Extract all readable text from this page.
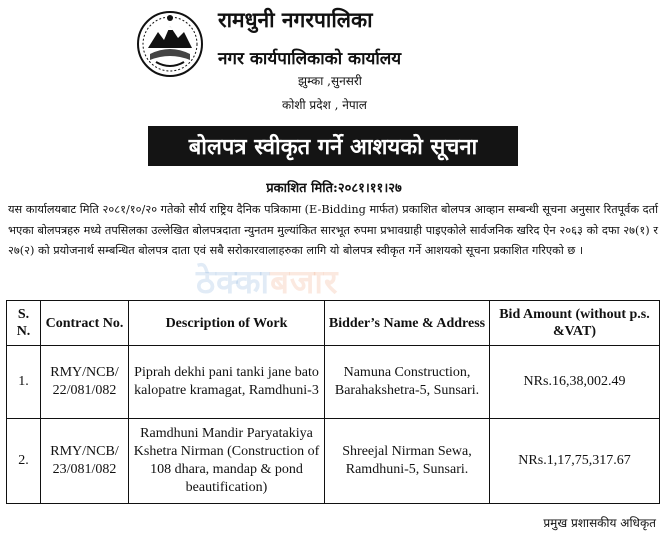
रामधुनी नगरपालिका
नगर कार्यपालिकाको कार्यालय
झुम्का ,सुनसरी
कोशी प्रदेश , नेपाल
बोलपत्र स्वीकृत गर्ने आशयको सूचना
प्रकाशित मिति:२०८१।११।२७
यस कार्यालयबाट मिति २०८१/१०/२० गतेको सौर्य राष्ट्रिय दैनिक पत्रिकामा (E-Bidding मार्फत) प्रकाशित बोलपत्र आव्हान सम्बन्धी सूचना अनुसार रितपूर्वक दर्ता भएका बोलपत्रहरु मध्ये तपसिलका उल्लेखित बोलपत्रदाता न्युनतम मुल्यांकित सारभूत रुपमा प्रभावग्राही पाइएकोले सार्वजनिक खरिद ऐन २०६३ को दफा २७(१) र २७(२) को प्रयोजनार्थ सम्बन्धित बोलपत्र दाता एवं सबै सरोकारवालाहरुका लागि यो बोलपत्र स्वीकृत गर्ने आशयको सूचना प्रकाशित गरिएको छ ।
ठेक्काबजार
S. N.	Contract No.	Description of Work	Bidder’s Name & Address	Bid Amount (without p.s. &VAT)
1.	RMY/NCB/ 22/081/082	Piprah dekhi pani tanki jane bato kalopatre kramagat, Ramdhuni-3	Namuna Construction, Barahakshetra-5, Sunsari.	NRs.16,38,002.49
2.	RMY/NCB/ 23/081/082	Ramdhuni Mandir Paryatakiya Kshetra Nirman (Construction of 108 dhara, mandap & pond beautification)	Shreejal Nirman Sewa, Ramdhuni-5, Sunsari.	NRs.1,17,75,317.67
प्रमुख प्रशासकीय अधिकृत
